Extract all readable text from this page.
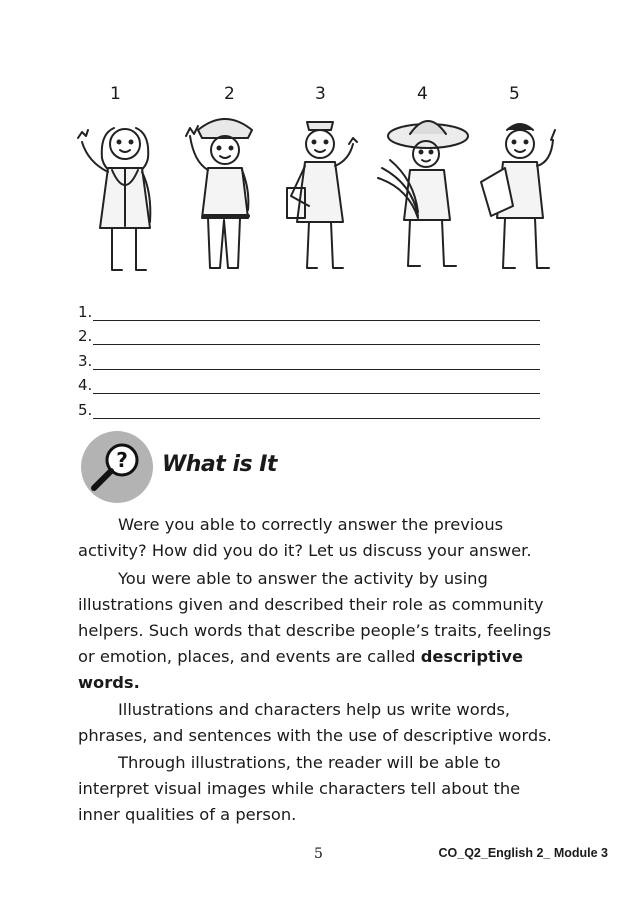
1	2	3	4	5
1.
2.
3.
4.
5.
? What is It
Were you able to correctly answer the previous activity? How did you do it? Let us discuss your answer.
You were able to answer the activity by using illustrations given and described their role as community helpers. Such words that describe people’s traits, feelings or emotion, places, and events are called descriptive words.
Illustrations and characters help us write words, phrases, and sentences with the use of descriptive words.
Through illustrations, the reader will be able to interpret visual images while characters tell about the inner qualities of a person.
5	CO_Q2_English 2_ Module 3
